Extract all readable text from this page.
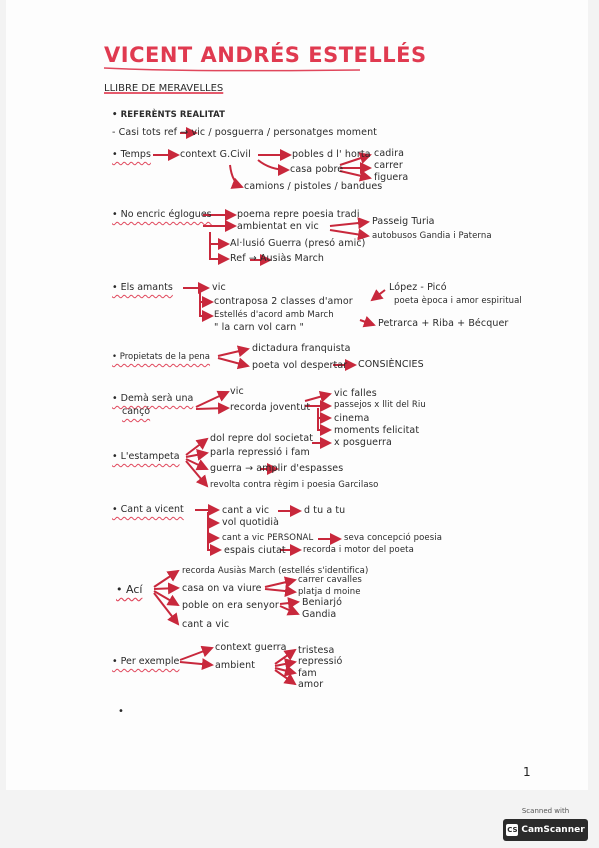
VICENT ANDRÉS ESTELLÉS
LLIBRE DE MERAVELLES
• REFERÈNTS REALITAT
- Casi tots ref → vic / posguerra / personatges moment
• Temps	context G.Civil	pobles d l' horta
casa pobre
cadira
carrer
figuera
camions / pistoles / bandues
• No encric églogues	poema repre poesia tradi
ambientat en vic	Passeig Turia
autobusos Gandia i Paterna
Al·lusió Guerra (presó amic)
Ref → Ausiàs March
• Els amants	vic
contraposa 2 classes d'amor
Estellés d'acord amb March
" la carn vol carn "
López - Picó
poeta època i amor espiritual
Petrarca + Riba + Bécquer
• Propietats de la pena
dictadura franquista
poeta vol despertar CONSIÈNCIES
• Demà serà una
cançó
vic
recorda joventut
vic falles
passejos x llit del Riu
cinema
moments felicitat
x posguerra
• L'estampeta
dol repre dol societat
parla repressió i fam
guerra → amplir d'espasses
revolta contra règim i poesia Garcilaso
• Cant a vicent	cant a vic	d tu a tu
vol quotidià
cant a vic PERSONAL	seva concepció poesia
espais ciutat recorda i motor del poeta
• Ací
recorda Ausiàs March (estellés s'identifica)
casa on va viure
carrer cavalles
platja d moine
poble on era senyor Beniarjó
Gandia
cant a vic
• Per exemple
context guerra
ambient
tristesa
repressió
fam
amor
•
1
Scanned with
CS CamScanner
